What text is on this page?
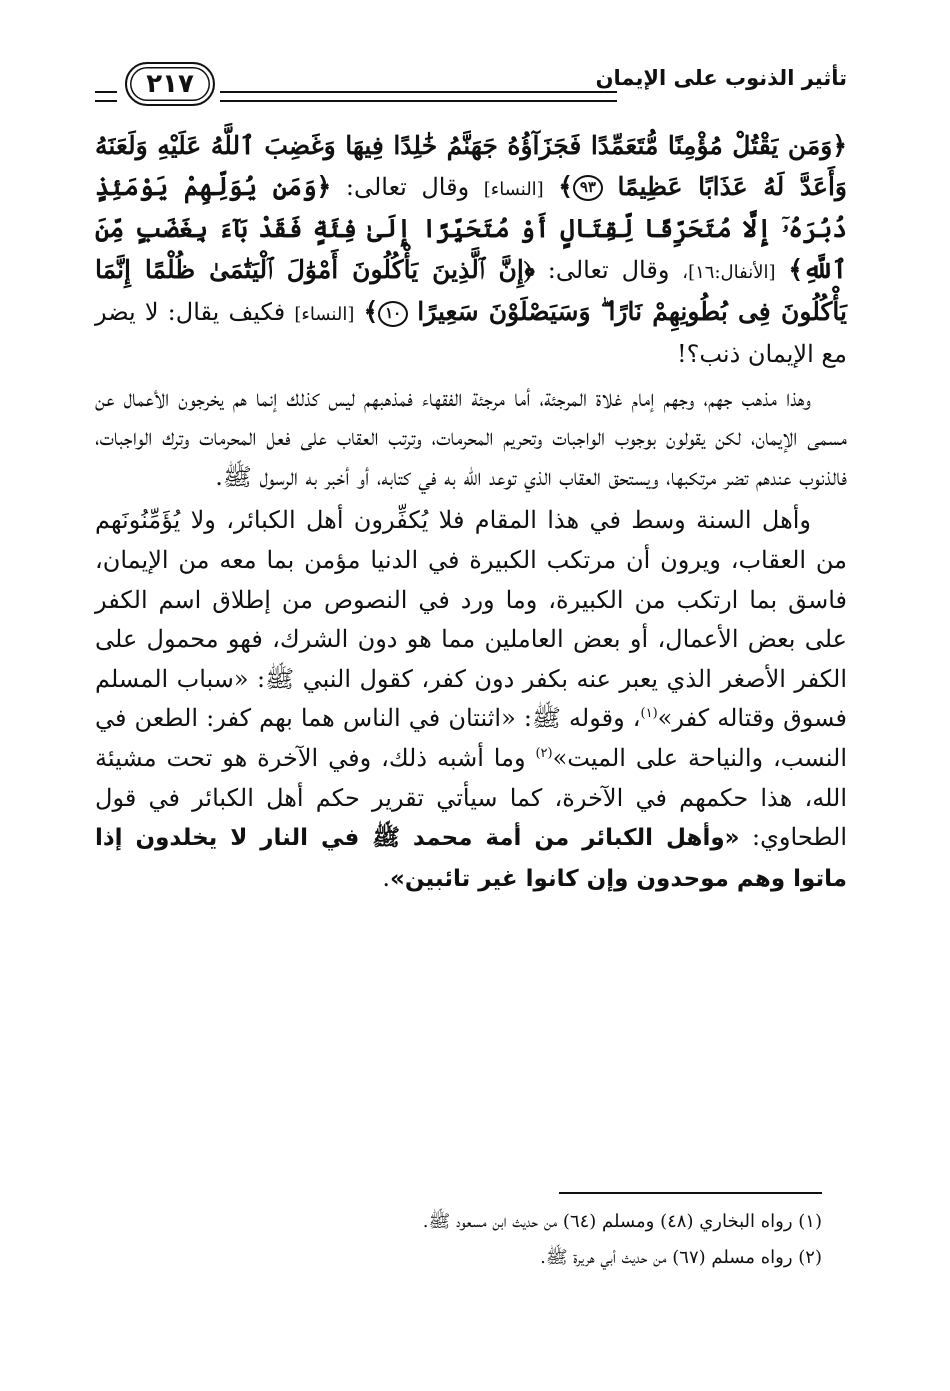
٢١٧	تأثير الذنوب على الإيمان

﴿وَمَن يَقْتُلْ مُؤْمِنًا مُّتَعَمِّدًا فَجَزَآؤُهُ جَهَنَّمُ خَٰلِدًا فِيهَا وَغَضِبَ ٱللَّهُ عَلَيْهِ وَلَعَنَهُ وَأَعَدَّ لَهُ عَذَابًا عَظِيمًا ٩٣﴾ [النساء] وقال تعالى: ﴿وَمَن يُوَلِّهِمْ يَوْمَئِذٍ دُبُرَهُۥٓ إِلَّا مُتَحَرِّفًا لِّقِتَالٍ أَوْ مُتَحَيِّزًا إِلَىٰ فِئَةٍ فَقَدْ بَآءَ بِغَضَبٍ مِّنَ ٱللَّهِ﴾ [الأنفال:١٦]، وقال تعالى: ﴿إِنَّ ٱلَّذِينَ يَأْكُلُونَ أَمْوَٰلَ ٱلْيَتَٰمَىٰ ظُلْمًا إِنَّمَا يَأْكُلُونَ فِى بُطُونِهِمْ نَارًا ۖ وَسَيَصْلَوْنَ سَعِيرًا ١٠﴾ [النساء] فكيف يقال: لا يضر مع الإيمان ذنب؟!

وهذا مذهب جهم، وجهم إمام غلاة المرجئة، أما مرجئة الفقهاء فمذهبهم ليس كذلك إنما هم يخرجون الأعمال عن مسمى الإيمان، لكن يقولون بوجوب الواجبات وتحريم المحرمات، وترتب العقاب على فعل المحرمات وترك الواجبات، فالذنوب عندهم تضر مرتكبها، ويستحق العقاب الذي توعد الله به في كتابه، أو أخبر به الرسول ﷺ.

وأهل السنة وسط في هذا المقام فلا يُكفِّرون أهل الكبائر، ولا يُؤَمِّنُونَهم من العقاب، ويرون أن مرتكب الكبيرة في الدنيا مؤمن بما معه من الإيمان، فاسق بما ارتكب من الكبيرة، وما ورد في النصوص من إطلاق اسم الكفر على بعض الأعمال، أو بعض العاملين مما هو دون الشرك، فهو محمول على الكفر الأصغر الذي يعبر عنه بكفر دون كفر، كقول النبي ﷺ: «سباب المسلم فسوق وقتاله كفر»$^{(١)}$، وقوله ﷺ: «اثنتان في الناس هما بهم كفر: الطعن في النسب، والنياحة على الميت»$^{(٢)}$ وما أشبه ذلك، وفي الآخرة هو تحت مشيئة الله، هذا حكمهم في الآخرة، كما سيأتي تقرير حكم أهل الكبائر في قول الطحاوي: «وأهل الكبائر من أمة محمد ﷺ في النار لا يخلدون إذا ماتوا وهم موحدون وإن كانوا غير تائبين».

(١) رواه البخاري (٤٨) ومسلم (٦٤) من حديث ابن مسعود ﷺ.
(٢) رواه مسلم (٦٧) من حديث أبي هريرة ﷺ.
